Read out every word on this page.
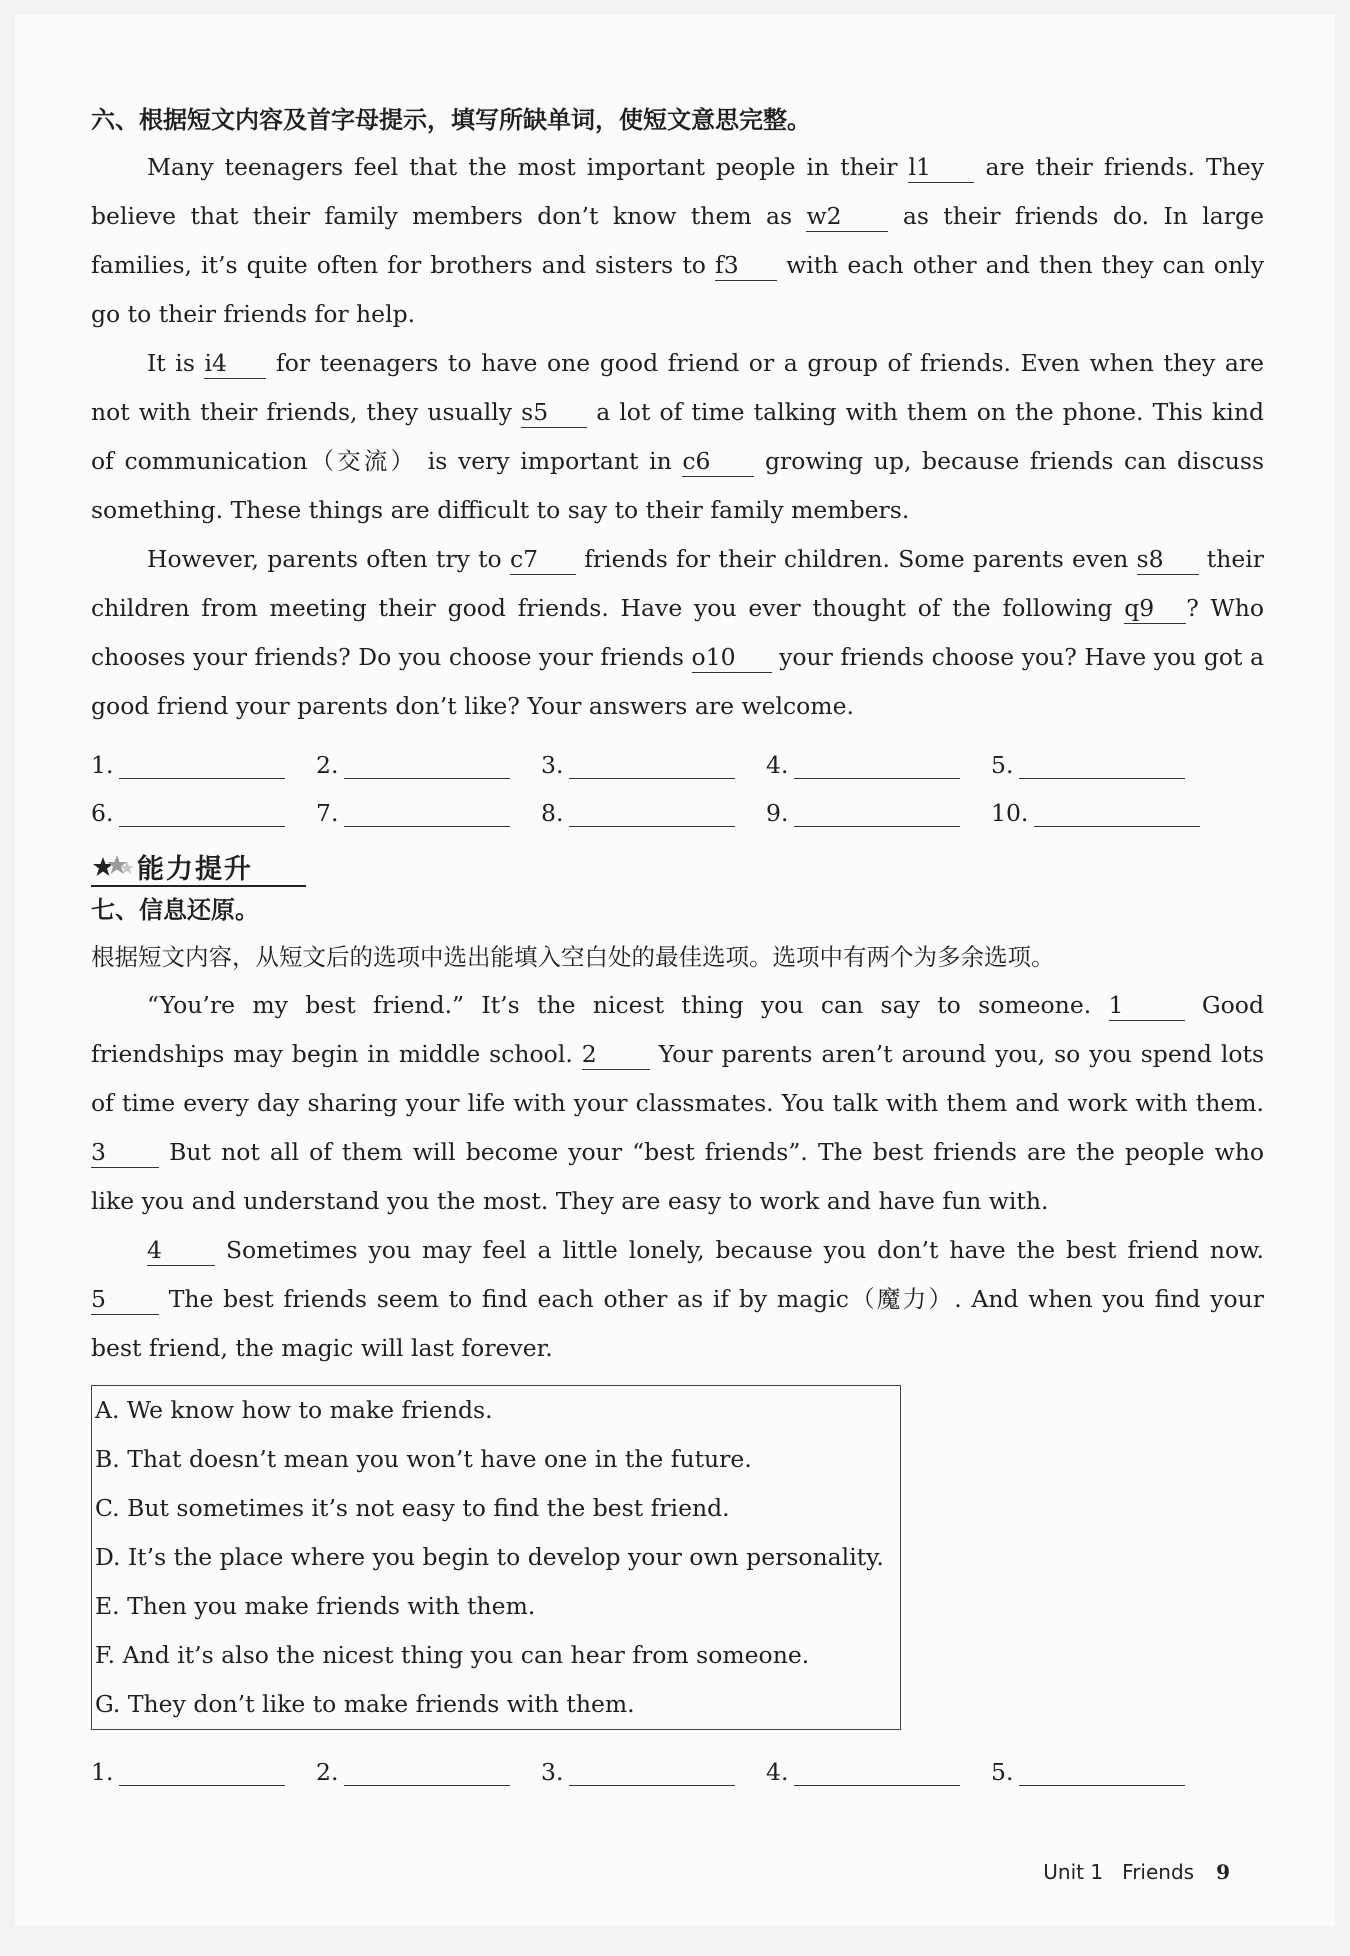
六、根据短文内容及首字母提示，填写所缺单词，使短文意思完整。

Many teenagers feel that the most important people in their l1 are their friends. They believe that their family members don’t know them as w2 as their friends do. In large families, it’s quite often for brothers and sisters to f3 with each other and then they can only go to their friends for help.

It is i4 for teenagers to have one good friend or a group of friends. Even when they are not with their friends, they usually s5 a lot of time talking with them on the phone. This kind of communication（交流） is very important in c6 growing up, because friends can discuss something. These things are difficult to say to their family members.

However, parents often try to c7 friends for their children. Some parents even s8 their children from meeting their good friends. Have you ever thought of the following q9 ? Who chooses your friends? Do you choose your friends o10 your friends choose you? Have you got a good friend your parents don’t like? Your answers are welcome.

1.	2.	3.	4.	5.
6.	7.	8.	9.	10.
能力提升
七、信息还原。

根据短文内容，从短文后的选项中选出能填入空白处的最佳选项。选项中有两个为多余选项。

“You’re my best friend.” It’s the nicest thing you can say to someone. 1	Good friendships may begin in middle school. 2 Your parents aren’t around you, so you spend lots of time every day sharing your life with your classmates. You talk with them and work with them. 3 But not all of them will become your “best friends”. The best friends are the people who like you and understand you the most. They are easy to work and have fun with.

4 Sometimes you may feel a little lonely, because you don’t have the best friend now. 5 The best friends seem to find each other as if by magic（魔力）. And when you find your best friend, the magic will last forever.

A. We know how to make friends.
B. That doesn’t mean you won’t have one in the future.
C. But sometimes it’s not easy to find the best friend.
D. It’s the place where you begin to develop your own personality.
E. Then you make friends with them.
F. And it’s also the nicest thing you can hear from someone.
G. They don’t like to make friends with them.
1.	2.	3.	4.	5.
Unit 1   Friends 9
